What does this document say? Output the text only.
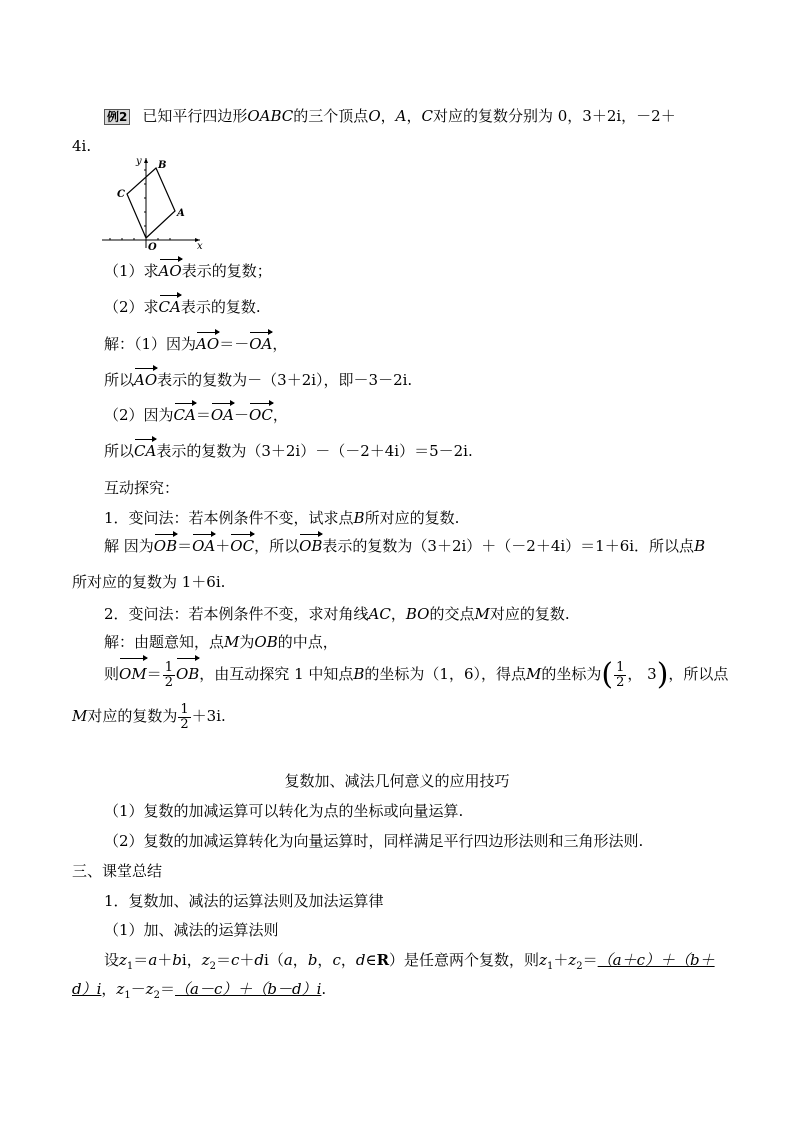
例2 已知平行四边形OABC的三个顶点O，A，C对应的复数分别为 0，3＋2i，－2＋
4i.
y
x
O
A
B
C
（1）求AO表示的复数；
（2）求CA表示的复数.
解：（1）因为AO＝－OA，
所以AO表示的复数为－（3＋2i），即－3－2i.
（2）因为CA＝OA－OC，
所以CA表示的复数为（3＋2i）－（－2＋4i）＝5－2i.
互动探究：
1．变问法：若本例条件不变，试求点B所对应的复数.
解 因为OB＝OA＋OC，所以OB表示的复数为（3＋2i）＋（－2＋4i）＝1＋6i．所以点B
所对应的复数为 1＋6i.
2．变问法：若本例条件不变，求对角线AC，BO的交点M对应的复数.
解：由题意知，点M为OB的中点，
则$OM= \frac{1}{2}$ OB，由互动探究 1 中知点B的坐标为（1，6），得点M的坐标为( $\frac{1}{2}$ ， 3)，所以点
M对应的复数为 $\frac{1}{2} +3i$.
复数加、减法几何意义的应用技巧
（1）复数的加减运算可以转化为点的坐标或向量运算.
（2）复数的加减运算转化为向量运算时，同样满足平行四边形法则和三角形法则.
三、课堂总结
1．复数加、减法的运算法则及加法运算律
（1）加、减法的运算法则
设$z_1=a+bi$，$z_2=c+di(a$，b，c，d∈R）是任意两个复数，则$z_1+z_2=(a+c)+(b+$
d）i，$z_1-z_2=(a-c)+(b-d)i$.
